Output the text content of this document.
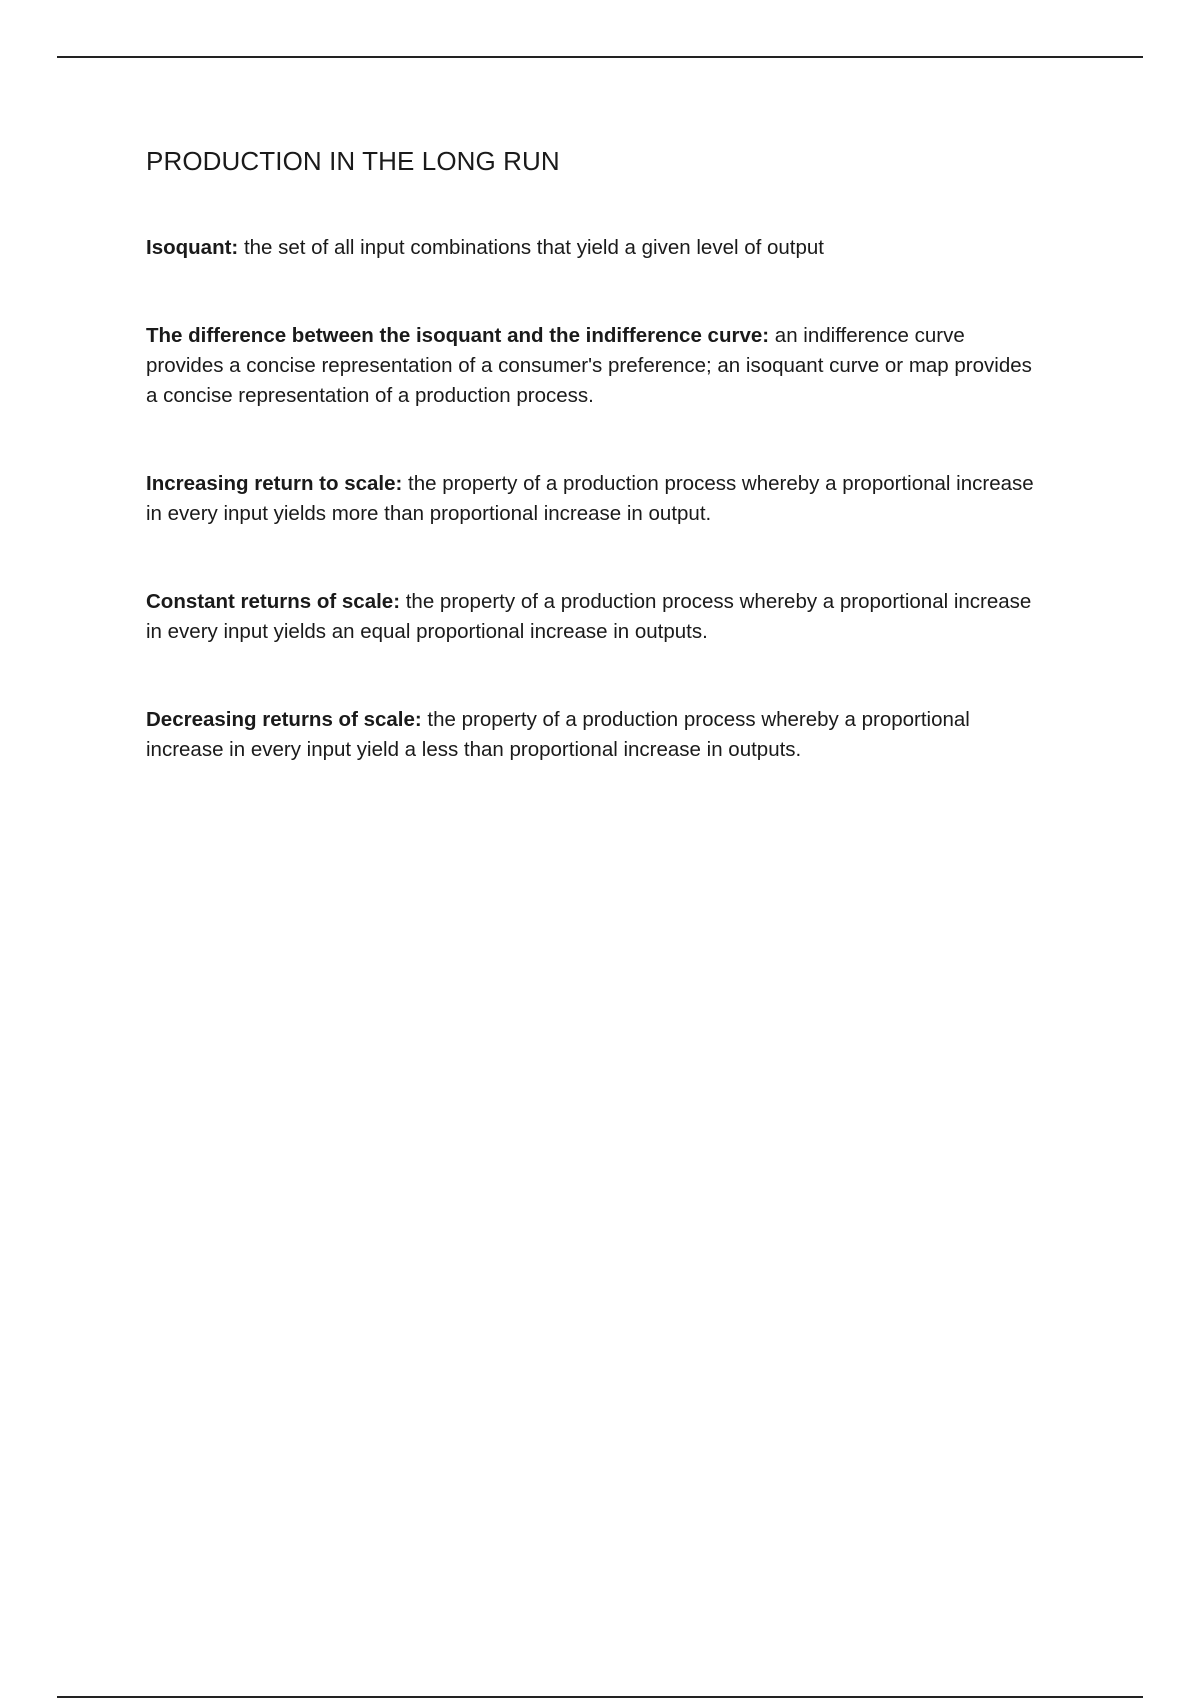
PRODUCTION IN THE LONG RUN

Isoquant: the set of all input combinations that yield a given level of output

The difference between the isoquant and the indifference curve: an indifference curve provides a concise representation of a consumer's preference; an isoquant curve or map provides a concise representation of a production process.

Increasing return to scale: the property of a production process whereby a proportional increase in every input yields more than proportional increase in output.

Constant returns of scale: the property of a production process whereby a proportional increase in every input yields an equal proportional increase in outputs.

Decreasing returns of scale: the property of a production process whereby a proportional increase in every input yield a less than proportional increase in outputs.
